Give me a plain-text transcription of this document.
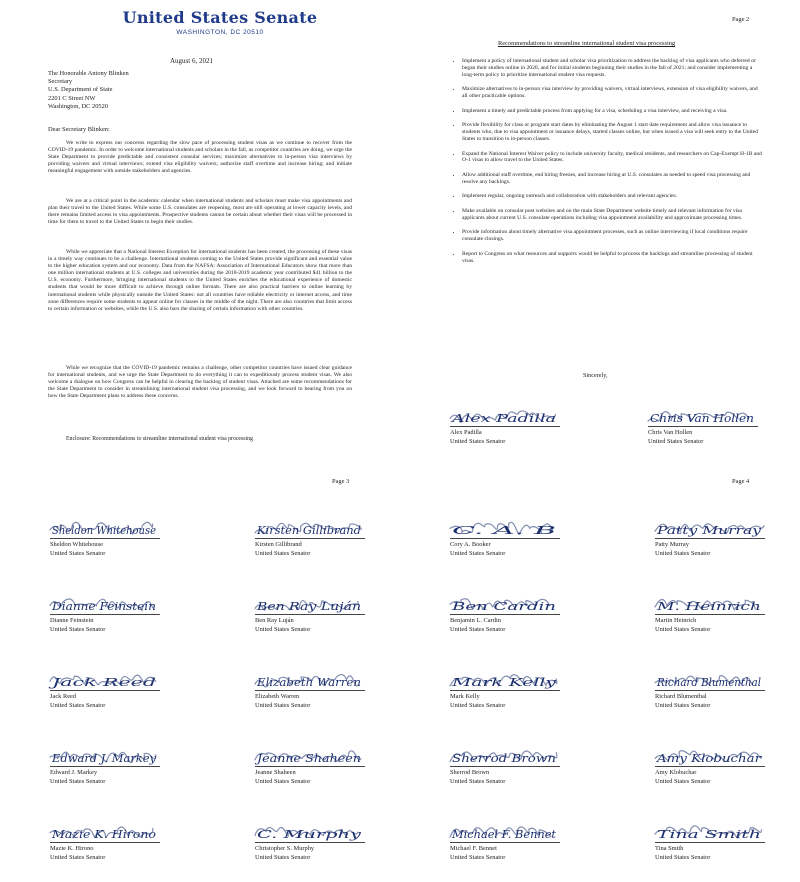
United States Senate
WASHINGTON, DC 20510
August 6, 2021
The Honorable Antony Blinken
Secretary
U.S. Department of State
2201 C Street NW
Washington, DC 20520
Dear Secretary Blinken:

We write to express our concerns regarding the slow pace of processing student visas as we continue to recover from the COVID-19 pandemic. In order to welcome international students and scholars in the fall, as competitor countries are doing, we urge the State Department to provide predictable and consistent consular services; maximize alternatives to in-person visa interviews by providing waivers and virtual interviews; extend visa eligibility waivers; authorize staff overtime and increase hiring; and initiate meaningful engagement with outside stakeholders and agencies.

We are at a critical point in the academic calendar when international students and scholars must make visa appointments and plan their travel to the United States. While some U.S. consulates are reopening, most are still operating at lower capacity levels, and there remains limited access to visa appointments. Prospective students cannot be certain about whether their visas will be processed in time for them to travel to the United States to begin their studies.

While we appreciate that a National Interest Exception for international students has been created, the processing of these visas in a timely way continues to be a challenge. International students coming to the United States provide significant and essential value to the higher education system and our economy. Data from the NAFSA: Association of International Educators show that more than one million international students at U.S. colleges and universities during the 2018-2019 academic year contributed $41 billion to the U.S. economy. Furthermore, bringing international students to the United States enriches the educational experience of domestic students that would be more difficult to achieve through online formats. There are also practical barriers to online learning by international students while physically outside the United States: not all countries have reliable electricity or internet access, and time zone differences require some students to appear online for classes in the middle of the night. There are also countries that limit access to certain information or websites, while the U.S. also bars the sharing of certain information with other countries.

While we recognize that the COVID-19 pandemic remains a challenge, other competitor countries have issued clear guidance for international students, and we urge the State Department to do everything it can to expeditiously process student visas. We also welcome a dialogue on how Congress can be helpful in clearing the backlog of student visas. Attached are some recommendations for the State Department to consider in streamlining international student visa processing, and we look forward to hearing from you on how the State Department plans to address these concerns.

Enclosure: Recommendations to streamline international student visa processing
Page 2
Recommendations to streamline international student visa processing
• Implement a policy of international student and scholar visa prioritization to address the backlog of visa applicants who deferred or began their studies online in 2020, and for initial students beginning their studies in the fall of 2021; and consider implementing a long-term policy to prioritize international student visa requests.
• Maximize alternatives to in-person visa interview by providing waivers, virtual interviews, extension of visa eligibility waivers, and all other practicable options.
• Implement a timely and predictable process from applying for a visa, scheduling a visa interview, and receiving a visa.
• Provide flexibility for class or program start dates by eliminating the August 1 start date requirement and allow visa issuance to students who, due to visa appointment or issuance delays, started classes online, but when issued a visa will seek entry to the United States to transition to in-person classes.
• Expand the National Interest Waiver policy to include university faculty, medical residents, and researchers on Cap-Exempt H-1B and O-1 visas to allow travel to the United States.
• Allow additional staff overtime, end hiring freezes, and increase hiring at U.S. consulates as needed to speed visa processing and resolve any backlogs.
• Implement regular, ongoing outreach and collaboration with stakeholders and relevant agencies.
• Make available on consular post websites and on the main State Department website timely and relevant information for visa applicants about current U.S. consulate operations including visa appointment availability and approximate processing times.
• Provide information about timely alternative visa appointment processes, such as online interviewing if local conditions require consulate closings.
• Report to Congress on what resources and supports would be helpful to process the backlogs and streamline processing of student visas.
Sincerely,
Alex Padilla
Alex Padilla
United States Senator
Chris Van Hollen
Chris Van Hollen
United States Senator
Page 3
Sheldon Whitehouse
Sheldon Whitehouse
United States Senator
Kirsten Gillibrand
Kirsten Gillibrand
United States Senator
Dianne Feinstein
Dianne Feinstein
United States Senator
Ben Ray Luján
Ben Ray Luján
United States Senator
Jack Reed
Jack Reed
United States Senator
Elizabeth Warren
Elizabeth Warren
United States Senator
Edward J. Markey
Edward J. Markey
United States Senator
Jeanne Shaheen
Jeanne Shaheen
United States Senator
Mazie K. Hirono
Mazie K. Hirono
United States Senator
C. Murphy
Christopher S. Murphy
United States Senator
Page 4
C. A. B
Cory A. Booker
United States Senator
Patty Murray
Patty Murray
United States Senator
Ben Cardin
Benjamin L. Cardin
United States Senator
M. Heinrich
Martin Heinrich
United States Senator
Mark Kelly
Mark Kelly
United States Senator
Richard Blumenthal
Richard Blumenthal
United States Senator
Sherrod Brown
Sherrod Brown
United States Senator
Amy Klobuchar
Amy Klobuchar
United States Senator
Michael F. Bennet
Michael F. Bennet
United States Senator
Tina Smith
Tina Smith
United States Senator
